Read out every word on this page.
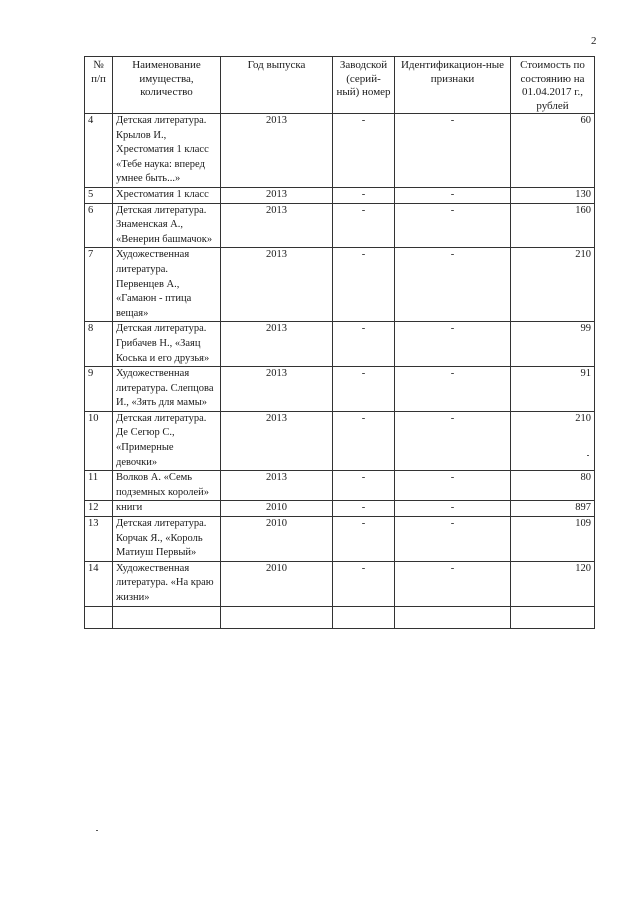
2
№ п/п	Наименование имущества, количество	Год выпуска	Заводской (серий-ный) номер	Идентификацион-ные признаки	Стоимость по состоянию на 01.04.2017 г., рублей
4	Детская литература. Крылов И., Хрестоматия 1 класс «Тебе наука: вперед умнее быть...»	2013	-	-	60
5	Хрестоматия 1 класс	2013	-	-	130
6	Детская литература. Знаменская А., «Венерин башмачок»	2013	-	-	160
7	Художественная литература. Первенцев А., «Гамаюн - птица вещая»	2013	-	-	210
8	Детская литература. Грибачев Н., «Заяц Коська и его друзья»	2013	-	-	99
9	Художественная литература. Слепцова И., «Зять для мамы»	2013	-	-	91
10	Детская литература. Де Сегюр С., «Примерные девочки»	2013	-	-	210
11	Волков А. «Семь подземных королей»	2013	-	-	80
12	книги	2010	-	-	897
13	Детская литература. Корчак Я., «Король Матиуш Первый»	2010	-	-	109
14	Художественная литература. «На краю жизни»	2010	-	-	120
